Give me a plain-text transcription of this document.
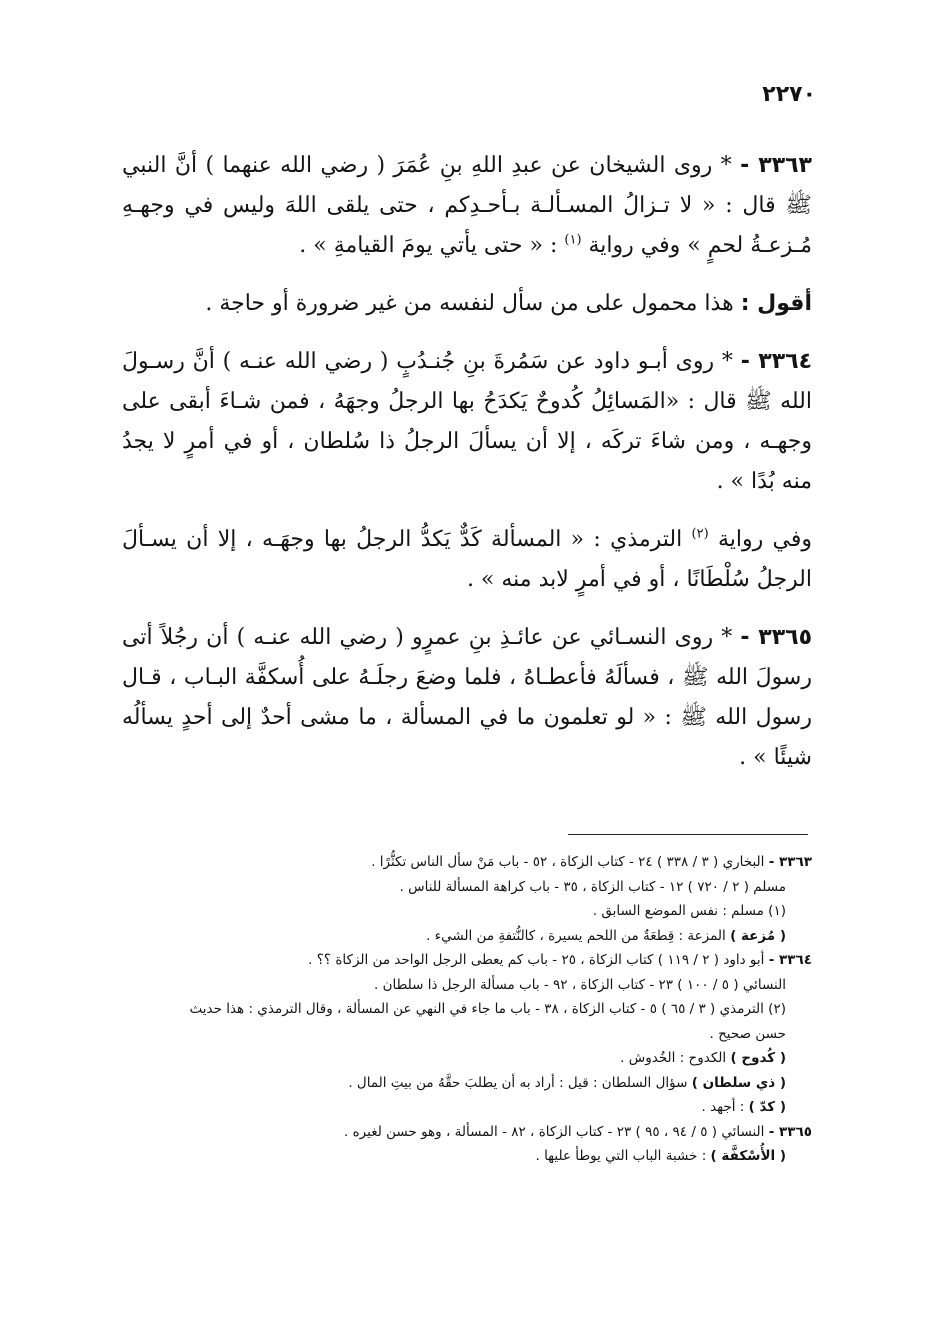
٢٢٧٠

٣٣٦٣ - * روى الشيخان عن عبدِ اللهِ بنِ عُمَرَ ( رضي الله عنهما ) أنَّ النبي ﷺ قال : « لا تـزالُ المسـألـة بـأحـدِكم ، حتى يلقى اللهَ وليس في وجهـهِ مُـزعـةُ لحمٍ » وفي رواية $^{(١)}$ : « حتى يأتي يومَ القيامةِ » .

أقول : هذا محمول على من سأل لنفسه من غير ضرورة أو حاجة .

٣٣٦٤ - * روى أبـو داود عن سَمُرةَ بنِ جُنـدُبٍ ( رضي الله عنـه ) أنَّ رسـولَ الله ﷺ قال : «المَسائِلُ كُدوحٌ يَكدَحُ بها الرجلُ وجهَهُ ، فمن شـاءَ أبقى على وجهـه ، ومن شاءَ تركَه ، إلا أن يسألَ الرجلُ ذا سُلطان ، أو في أمرٍ لا يجدُ منه بُدًا » .

وفي رواية $^{(٢)}$ الترمذي : « المسألة كَدٌّ يَكدُّ الرجلُ بها وجهَـه ، إلا أن يسـألَ الرجلُ سُلْطَانًا ، أو في أمرٍ لابد منه » .

٣٣٦٥ - * روى النسـائي عن عائـذِ بنِ عمرٍو ( رضي الله عنـه ) أن رجُلاً أتى رسولَ الله ﷺ ، فسألَهُ فأعطـاهُ ، فلما وضعَ رجلَـهُ على أُسكفَّة البـاب ، قـال رسول الله ﷺ : « لو تعلمون ما في المسألة ، ما مشى أحدٌ إلى أحدٍ يسألُه شيئًا » .

٣٣٦٣ - البخاري ( ٣ / ٣٣٨ ) ٢٤ - كتاب الزكاة ، ٥٢ - باب مَنْ سأل الناس تكثُّرًا .

مسلم ( ٢ / ٧٢٠ ) ١٢ - كتاب الزكاة ، ٣٥ - باب كراهة المسألة للناس .

(١) مسلم : نفس الموضع السابق .

( مُزعة ) المزعة : قِطعَةٌ من اللحم يسيرة ، كالنُّتفةِ من الشيء .

٣٣٦٤ - أبو داود ( ٢ / ١١٩ ) كتاب الزكاة ، ٢٥ - باب كم يعطى الرجل الواحد من الزكاة ؟؟ .

النسائي ( ٥ / ١٠٠ ) ٢٣ - كتاب الزكاة ، ٩٢ - باب مسألة الرجل ذا سلطان .

(٢) الترمذي ( ٣ / ٦٥ ) ٥ - كتاب الزكاة ، ٣٨ - باب ما جاء في النهي عن المسألة ، وقال الترمذي : هذا حديث

حسن صحيح .

( كُدوح ) الكدوح : الخُدوش .

( ذي سلطان ) سؤال السلطان : قيل : أراد به أن يطلبَ حقَّهُ من بيتِ المال .

( كدّ ) : أجهد .

٣٣٦٥ - النسائي ( ٥ / ٩٤ ، ٩٥ ) ٢٣ - كتاب الزكاة ، ٨٢ - المسألة ، وهو حسن لغيره .

( الأُسْكفَّة ) : خشبة الباب التي يوطأ عليها .
